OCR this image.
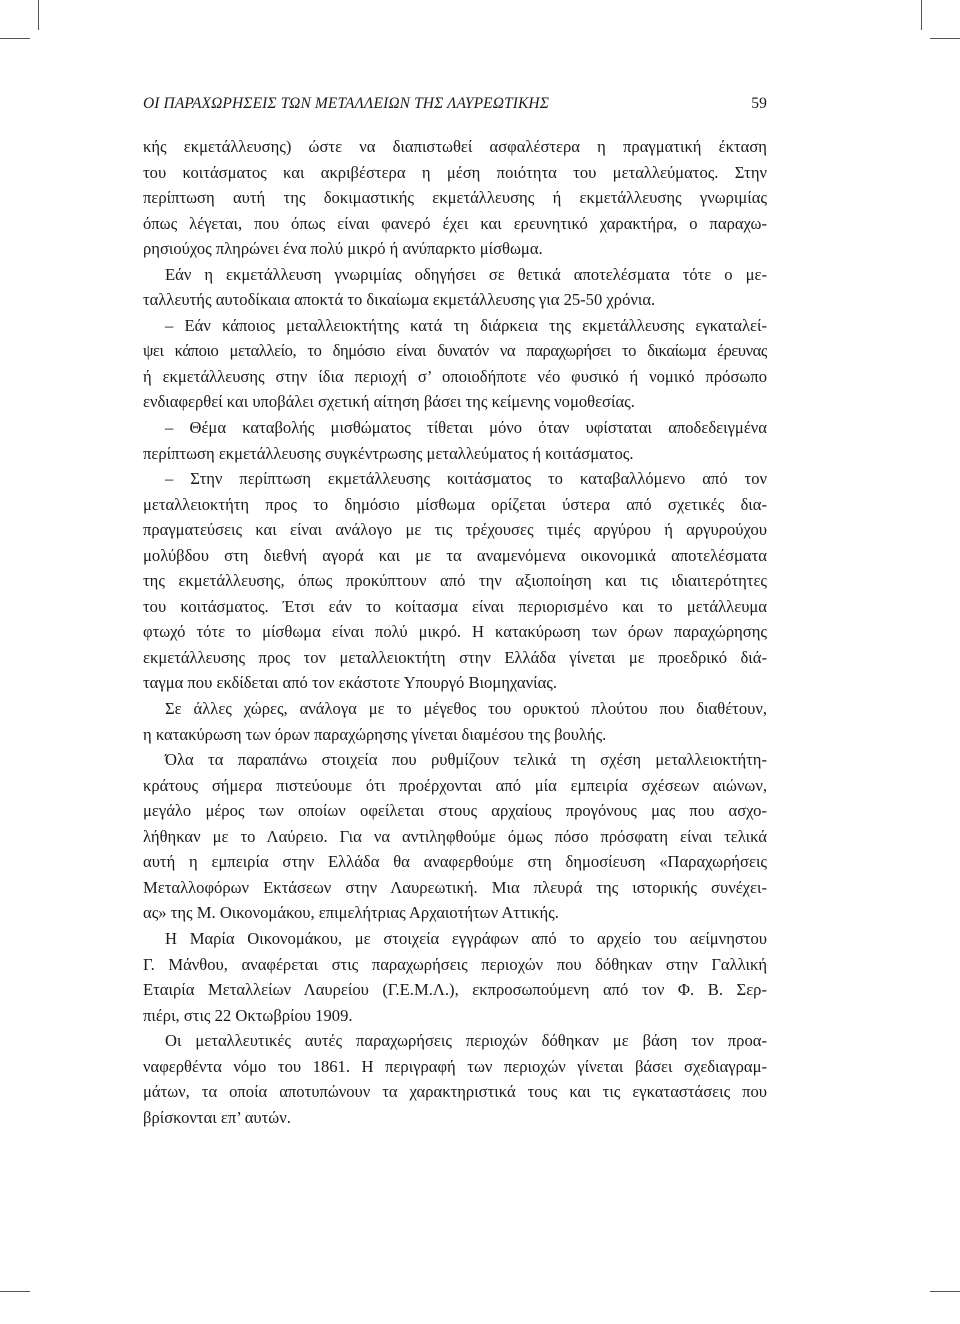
ΟΙ ΠΑΡΑΧΩΡΗΣΕΙΣ ΤΩΝ ΜΕΤΑΛΛΕΙΩΝ ΤΗΣ ΛΑΥΡΕΩΤΙΚΗΣ	59
κής εκμετάλλευσης) ώστε να διαπιστωθεί ασφαλέστερα η πραγματική έκταση
του κοιτάσματος και ακριβέστερα η μέση ποιότητα του μεταλλεύματος. Στην
περίπτωση αυτή της δοκιμαστικής εκμετάλλευσης ή εκμετάλλευσης γνωριμίας
όπως λέγεται, που όπως είναι φανερό έχει και ερευνητικό χαρακτήρα, ο παραχω-
ρησιούχος πληρώνει ένα πολύ μικρό ή ανύπαρκτο μίσθωμα.
Εάν η εκμετάλλευση γνωριμίας οδηγήσει σε θετικά αποτελέσματα τότε ο με-
ταλλευτής αυτοδίκαια αποκτά το δικαίωμα εκμετάλλευσης για 25-50 χρόνια.
– Εάν κάποιος μεταλλειοκτήτης κατά τη διάρκεια της εκμετάλλευσης εγκαταλεί-
ψει κάποιο μεταλλείο, το δημόσιο είναι δυνατόν να παραχωρήσει το δικαίωμα έρευνας
ή εκμετάλλευσης στην ίδια περιοχή σ’ οποιοδήποτε νέο φυσικό ή νομικό πρόσωπο
ενδιαφερθεί και υποβάλει σχετική αίτηση βάσει της κείμενης νομοθεσίας.
– Θέμα καταβολής μισθώματος τίθεται μόνο όταν υφίσταται αποδεδειγμένα
περίπτωση εκμετάλλευσης συγκέντρωσης μεταλλεύματος ή κοιτάσματος.
– Στην περίπτωση εκμετάλλευσης κοιτάσματος το καταβαλλόμενο από τον
μεταλλειοκτήτη προς το δημόσιο μίσθωμα ορίζεται ύστερα από σχετικές δια-
πραγματεύσεις και είναι ανάλογο με τις τρέχουσες τιμές αργύρου ή αργυρούχου
μολύβδου στη διεθνή αγορά και με τα αναμενόμενα οικονομικά αποτελέσματα
της εκμετάλλευσης, όπως προκύπτουν από την αξιοποίηση και τις ιδιαιτερότητες
του κοιτάσματος. Έτσι εάν το κοίτασμα είναι περιορισμένο και το μετάλλευμα
φτωχό τότε το μίσθωμα είναι πολύ μικρό. Η κατακύρωση των όρων παραχώρησης
εκμετάλλευσης προς τον μεταλλειοκτήτη στην Ελλάδα γίνεται με προεδρικό διά-
ταγμα που εκδίδεται από τον εκάστοτε Υπουργό Βιομηχανίας.
Σε άλλες χώρες, ανάλογα με το μέγεθος του ορυκτού πλούτου που διαθέτουν,
η κατακύρωση των όρων παραχώρησης γίνεται διαμέσου της βουλής.
Όλα τα παραπάνω στοιχεία που ρυθμίζουν τελικά τη σχέση μεταλλειοκτήτη-
κράτους σήμερα πιστεύουμε ότι προέρχονται από μία εμπειρία σχέσεων αιώνων,
μεγάλο μέρος των οποίων οφείλεται στους αρχαίους προγόνους μας που ασχο-
λήθηκαν με το Λαύρειο. Για να αντιληφθούμε όμως πόσο πρόσφατη είναι τελικά
αυτή η εμπειρία στην Ελλάδα θα αναφερθούμε στη δημοσίευση «Παραχωρήσεις
Μεταλλοφόρων Εκτάσεων στην Λαυρεωτική. Μια πλευρά της ιστορικής συνέχει-
ας» της Μ. Οικονομάκου, επιμελήτριας Αρχαιοτήτων Αττικής.
Η Μαρία Οικονομάκου, με στοιχεία εγγράφων από το αρχείο του αείμνηστου
Γ. Μάνθου, αναφέρεται στις παραχωρήσεις περιοχών που δόθηκαν στην Γαλλική
Εταιρία Μεταλλείων Λαυρείου (Γ.Ε.Μ.Λ.), εκπροσωπούμενη από τον Φ. Β. Σερ-
πιέρι, στις 22 Οκτωβρίου 1909.
Οι μεταλλευτικές αυτές παραχωρήσεις περιοχών δόθηκαν με βάση τον προα-
ναφερθέντα νόμο του 1861. Η περιγραφή των περιοχών γίνεται βάσει σχεδιαγραμ-
μάτων, τα οποία αποτυπώνουν τα χαρακτηριστικά τους και τις εγκαταστάσεις που
βρίσκονται επ’ αυτών.
